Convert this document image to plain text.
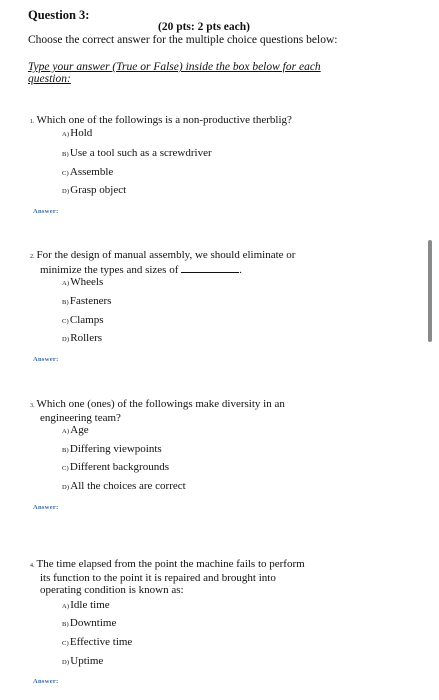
Question 3:
(20 pts: 2 pts each)
Choose the correct answer for the multiple choice questions below:
Type your answer (True or False) inside the box below for each question:
1. Which one of the followings is a non-productive therblig?
A)Hold
B)Use a tool such as a screwdriver
C)Assemble
D)Grasp object
Answer:
2. For the design of manual assembly, we should eliminate or
minimize the types and sizes of	.
A)Wheels
B)Fasteners
C)Clamps
D)Rollers
Answer:
3. Which one (ones) of the followings make diversity in an
engineering team?
A)Age
B)Differing viewpoints
C)Different backgrounds
D)All the choices are correct
Answer:
4. The time elapsed from the point the machine fails to perform
its function to the point it is repaired and brought into
operating condition is known as:
A)Idle time
B)Downtime
C)Effective time
D)Uptime
Answer:
